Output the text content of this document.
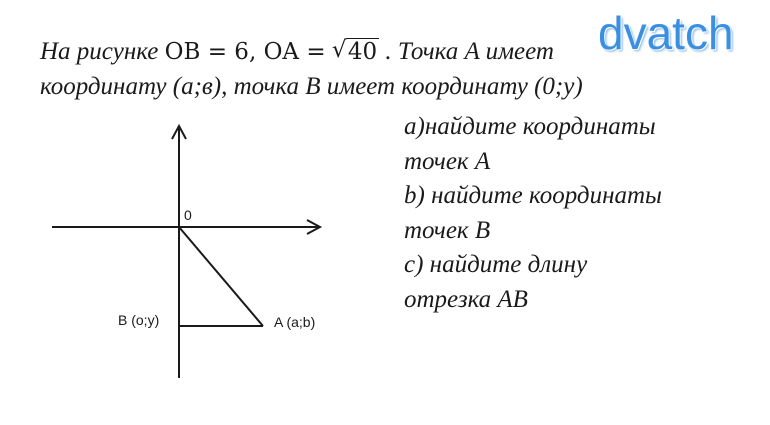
На рисунке OB = 6, OA = √ 40 . Точка A имеет
координату (a;в), точка B имеет координату (0;y)
dvatch
0
B (o;y)	A (a;b)
a)найдите координаты
точек A
b) найдите координаты
точек B
c) найдите длину
отрезка AB
